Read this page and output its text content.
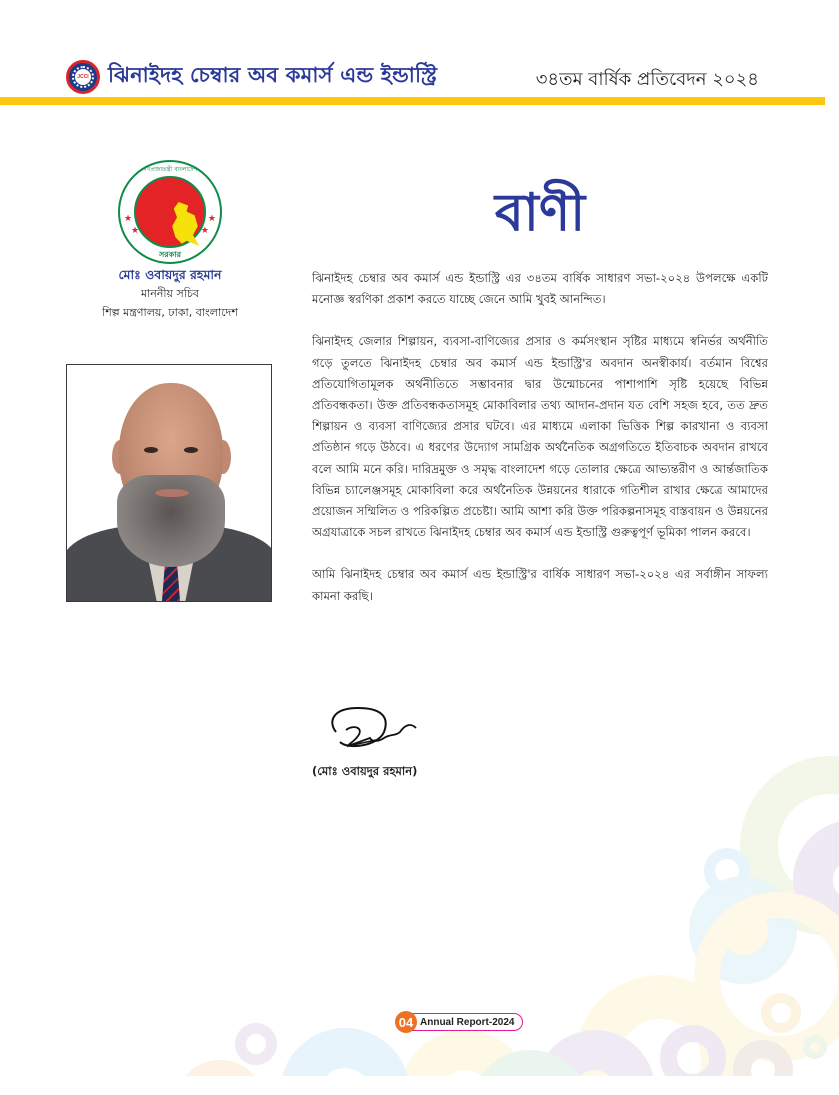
JCCI ঝিনাইদহ চেম্বার অব কমার্স এন্ড ইন্ডাস্ট্রি	৩৪তম বার্ষিক প্রতিবেদন ২০২৪
গণপ্রজাতন্ত্রী বাংলাদেশ
★
★
★
★
সরকার
মোঃ ওবায়দুর রহমান
মাননীয় সচিব
শিল্প মন্ত্রণালয়, ঢাকা, বাংলাদেশ
বাণী

ঝিনাইদহ চেম্বার অব কমার্স এন্ড ইন্ডাস্ট্রি এর ৩৪তম বার্ষিক সাধারণ সভা-২০২৪ উপলক্ষে একটি মনোজ্ঞ স্বরণিকা প্রকাশ করতে যাচ্ছে জেনে আমি খুবই আনন্দিত।

ঝিনাইদহ জেলার শিল্পায়ন, ব্যবসা-বাণিজ্যের প্রসার ও কর্মসংস্থান সৃষ্টির মাধ্যমে স্বনির্ভর অর্থনীতি গড়ে তুলতে ঝিনাইদহ চেম্বার অব কমার্স এন্ড ইন্ডাস্ট্রি'র অবদান অনস্বীকার্য। বর্তমান বিশ্বের প্রতিযোগিতামূলক অর্থনীতিতে সম্ভাবনার দ্বার উন্মোচনের পাশাপাশি সৃষ্টি হয়েছে বিভিন্ন প্রতিবন্ধকতা। উক্ত প্রতিবন্ধকতাসমূহ মোকাবিলার তথ্য আদান-প্রদান যত বেশি সহজ হবে, তত দ্রুত শিল্পায়ন ও ব্যবসা বাণিজ্যের প্রসার ঘটবে। এর মাধ্যমে এলাকা ভিত্তিক শিল্প কারখানা ও ব্যবসা প্রতিষ্ঠান গড়ে উঠবে। এ ধরণের উদ্যোগ সামগ্রিক অর্থনৈতিক অগ্রগতিতে ইতিবাচক অবদান রাখবে বলে আমি মনে করি। দারিদ্রমুক্ত ও সমৃদ্ধ বাংলাদেশ গড়ে তোলার ক্ষেত্রে আভ্যন্তরীণ ও আর্ন্তজাতিক বিভিন্ন চ্যালেঞ্জসমূহ মোকাবিলা করে অর্থনৈতিক উন্নয়নের ধারাকে গতিশীল রাখার ক্ষেত্রে আমাদের প্রয়োজন সম্মিলিত ও পরিকল্পিত প্রচেষ্টা। আমি আশা করি উক্ত পরিকল্পনাসমূহ বাস্তবায়ন ও উন্নয়নের অগ্রযাত্রাকে সচল রাখতে ঝিনাইদহ চেম্বার অব কমার্স এন্ড ইন্ডাস্ট্রি গুরুত্বপূর্ণ ভূমিকা পালন করবে।

আমি ঝিনাইদহ চেম্বার অব কমার্স এন্ড ইন্ডাস্ট্রি'র বার্ষিক সাধারণ সভা-২০২৪ এর সর্বাঙ্গীন সাফল্য কামনা করছি।

(মোঃ ওবায়দুর রহমান)
04 Annual Report-2024
